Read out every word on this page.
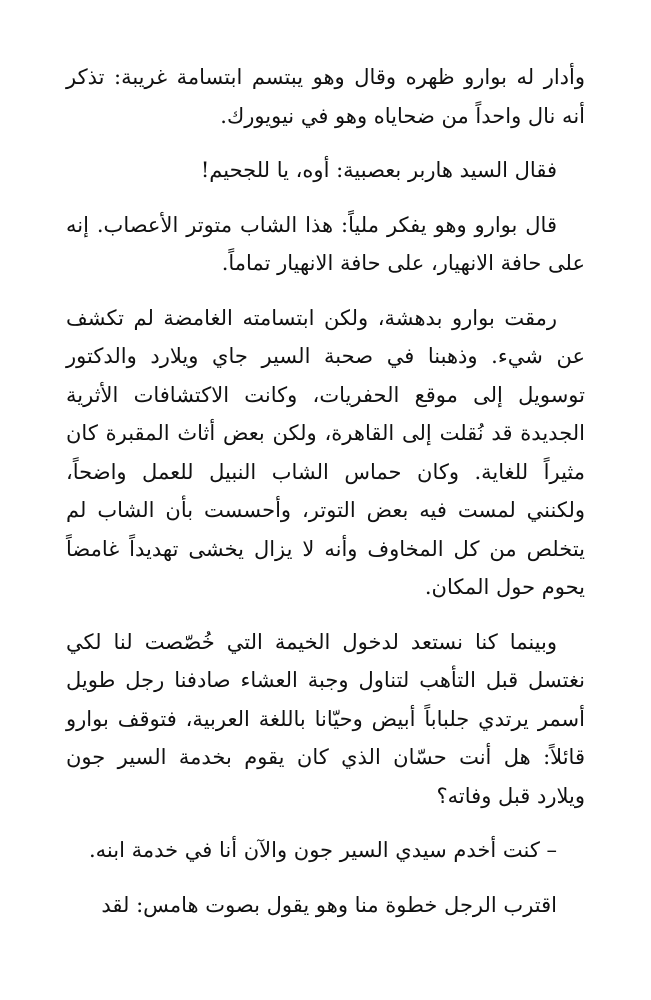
وأدار له بوارو ظهره وقال وهو يبتسم ابتسامة غريبة: تذكر أنه نال واحداً من ضحاياه وهو في نيويورك.

فقال السيد هاربر بعصبية: أوه، يا للجحيم!

قال بوارو وهو يفكر ملياً: هذا الشاب متوتر الأعصاب. إنه على حافة الانهيار، على حافة الانهيار تماماً.

رمقت بوارو بدهشة، ولكن ابتسامته الغامضة لم تكشف عن شيء. وذهبنا في صحبة السير جاي ويلارد والدكتور توسويل إلى موقع الحفريات، وكانت الاكتشافات الأثرية الجديدة قد نُقلت إلى القاهرة، ولكن بعض أثاث المقبرة كان مثيراً للغاية. وكان حماس الشاب النبيل للعمل واضحاً، ولكنني لمست فيه بعض التوتر، وأحسست بأن الشاب لم يتخلص من كل المخاوف وأنه لا يزال يخشى تهديداً غامضاً يحوم حول المكان.

وبينما كنا نستعد لدخول الخيمة التي خُصّصت لنا لكي نغتسل قبل التأهب لتناول وجبة العشاء صادفنا رجل طويل أسمر يرتدي جلباباً أبيض وحيّانا باللغة العربية، فتوقف بوارو قائلاً: هل أنت حسّان الذي كان يقوم بخدمة السير جون ويلارد قبل وفاته؟

– كنت أخدم سيدي السير جون والآن أنا في خدمة ابنه.

اقترب الرجل خطوة منا وهو يقول بصوت هامس: لقد
